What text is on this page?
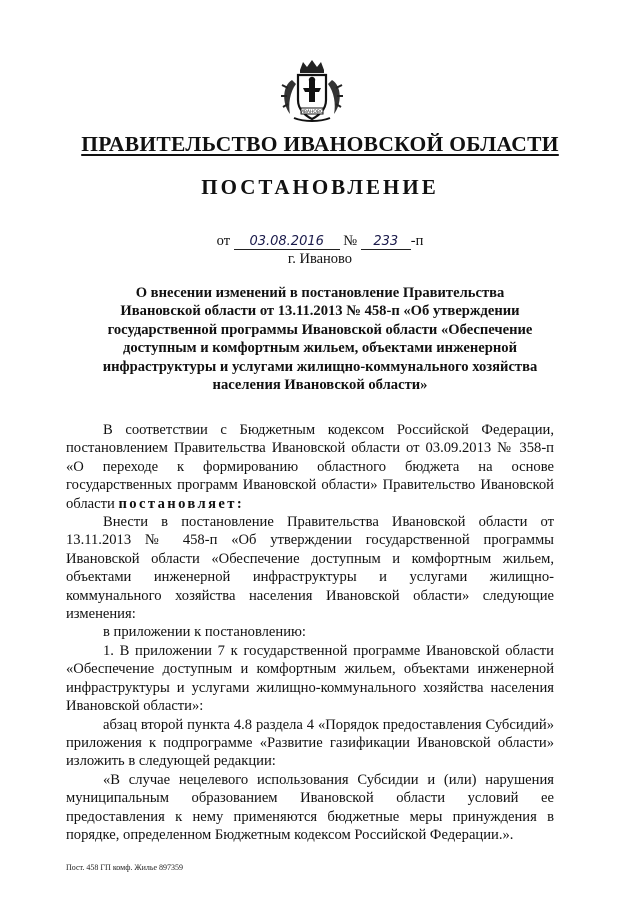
ИВАНОВО
ПРАВИТЕЛЬСТВО ИВАНОВСКОЙ ОБЛАСТИ
ПОСТАНОВЛЕНИЕ
от 03.08.2016 № 233 -п
г. Иваново
О внесении изменений в постановление Правительства Ивановской области от 13.11.2013 № 458-п «Об утверждении государственной программы Ивановской области «Обеспечение доступным и комфортным жильем, объектами инженерной инфраструктуры и услугами жилищно-коммунального хозяйства населения Ивановской области»

В соответствии с Бюджетным кодексом Российской Федерации, постановлением Правительства Ивановской области от 03.09.2013 № 358-п «О переходе к формированию областного бюджета на основе государственных программ Ивановской области» Правительство Ивановской области постановляет:

Внести в постановление Правительства Ивановской области от 13.11.2013 № 458-п «Об утверждении государственной программы Ивановской области «Обеспечение доступным и комфортным жильем, объектами инженерной инфраструктуры и услугами жилищно-коммунального хозяйства населения Ивановской области» следующие изменения:

в приложении к постановлению:

1. В приложении 7 к государственной программе Ивановской области «Обеспечение доступным и комфортным жильем, объектами инженерной инфраструктуры и услугами жилищно-коммунального хозяйства населения Ивановской области»:

абзац второй пункта 4.8 раздела 4 «Порядок предоставления Субсидий» приложения к подпрограмме «Развитие газификации Ивановской области» изложить в следующей редакции:

«В случае нецелевого использования Субсидии и (или) нарушения муниципальным образованием Ивановской области условий ее предоставления к нему применяются бюджетные меры принуждения в порядке, определенном Бюджетным кодексом Российской Федерации.».

Пост. 458 ГП комф. Жилье 897359
